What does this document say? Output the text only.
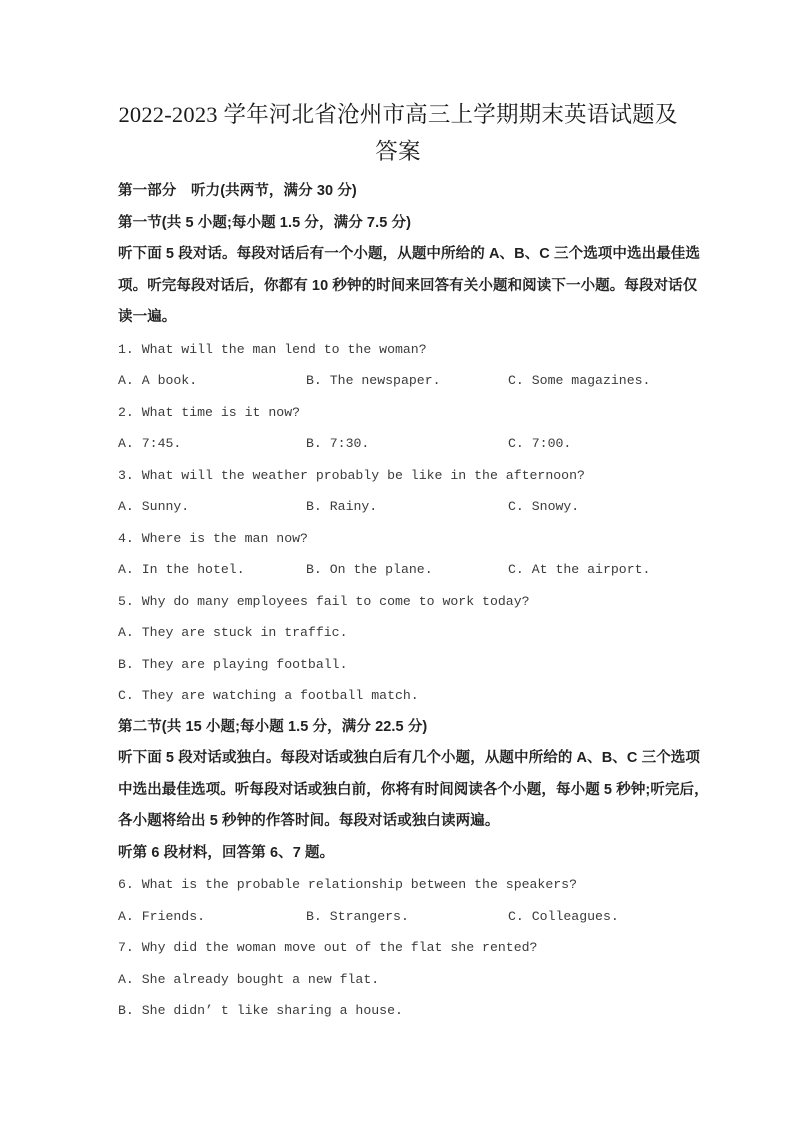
2022-2023 学年河北省沧州市高三上学期期末英语试题及答案
第一部分　听力(共两节，满分 30 分)
第一节(共 5 小题;每小题 1.5 分，满分 7.5 分)
听下面 5 段对话。每段对话后有一个小题，从题中所给的 A、B、C 三个选项中选出最佳选
项。听完每段对话后，你都有 10 秒钟的时间来回答有关小题和阅读下一小题。每段对话仅
读一遍。
1. What will the man lend to the woman?

A. A book.

	B. The newspaper.

	C. Some magazines.

2. What time is it now?

A. 7:45.

	B. 7:30.

	C. 7:00.

3. What will the weather probably be like in the afternoon?

A. Sunny.

	B. Rainy.

	C. Snowy.

4. Where is the man now?

A. In the hotel.

	B. On the plane.

	C. At the airport.

5. Why do many employees fail to come to work today?
A. They are stuck in traffic.
B. They are playing football.
C. They are watching a football match.
第二节(共 15 小题;每小题 1.5 分，满分 22.5 分)
听下面 5 段对话或独白。每段对话或独白后有几个小题，从题中所给的 A、B、C 三个选项
中选出最佳选项。听每段对话或独白前，你将有时间阅读各个小题，每小题 5 秒钟;听完后，
各小题将给出 5 秒钟的作答时间。每段对话或独白读两遍。
听第 6 段材料，回答第 6、7 题。
6. What is the probable relationship between the speakers?

A. Friends.

	B. Strangers.

	C. Colleagues.

7. Why did the woman move out of the flat she rented?
A. She already bought a new flat.
B. She didn’ t like sharing a house.
